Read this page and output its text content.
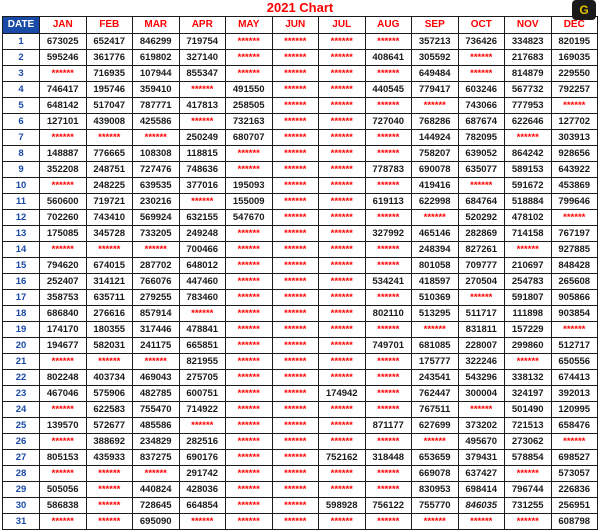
2021 Chart	G
DATE	JAN	FEB	MAR	APR	MAY	JUN	JUL	AUG	SEP	OCT	NOV	DEC
1	673025	652417	846299	719754	******	******	******	******	357213	736426	334823	820195
2	595246	361776	619802	327140	******	******	******	408641	305592	******	217683	169035
3	******	716935	107944	855347	******	******	******	******	649484	******	814879	229550
4	746417	195746	359410	******	491550	******	******	440545	779417	603246	567732	792257
5	648142	517047	787771	417813	258505	******	******	******	******	743066	777953	******
6	127101	439008	425586	******	732163	******	******	727040	768286	687674	622646	127702
7	******	******	******	250249	680707	******	******	******	144924	782095	******	303913
8	148887	776665	108308	118815	******	******	******	******	758207	639052	864242	928656
9	352208	248751	727476	748636	******	******	******	778783	690078	635077	589153	643922
10	******	248225	639535	377016	195093	******	******	******	419416	******	591672	453869
11	560600	719721	230216	******	155009	******	******	619113	622998	684764	518884	799646
12	702260	743410	569924	632155	547670	******	******	******	******	520292	478102	******
13	175085	345728	733205	249248	******	******	******	327992	465146	282869	714158	767197
14	******	******	******	700466	******	******	******	******	248394	827261	******	927885
15	794620	674015	287702	648012	******	******	******	******	801058	709777	210697	848428
16	252407	314121	766076	447460	******	******	******	534241	418597	270504	254783	265608
17	358753	635711	279255	783460	******	******	******	******	510369	******	591807	905866
18	686840	276616	857914	******	******	******	******	802110	513295	511717	111898	903854
19	174170	180355	317446	478841	******	******	******	******	******	831811	157229	******
20	194677	582031	241175	665851	******	******	******	749701	681085	228007	299860	512717
21	******	******	******	821955	******	******	******	******	175777	322246	******	650556
22	802248	403734	469043	275705	******	******	******	******	243541	543296	338132	674413
23	467046	575906	482785	600751	******	******	174942	******	762447	300004	324197	392013
24	******	622583	755470	714922	******	******	******	******	767511	******	501490	120995
25	139570	572677	485586	******	******	******	******	871177	627699	373202	721513	658476
26	******	388692	234829	282516	******	******	******	******	******	495670	273062	******
27	805153	435933	837275	690176	******	******	752162	318448	653659	379431	578854	698527
28	******	******	******	291742	******	******	******	******	669078	637427	******	573057
29	505056	******	440824	428036	******	******	******	******	830953	698414	796744	226836
30	586838	******	728645	664854	******	******	598928	756122	755770	846035	731255	256951
31	******	******	695090	******	******	******	******	******	******	******	******	608798
